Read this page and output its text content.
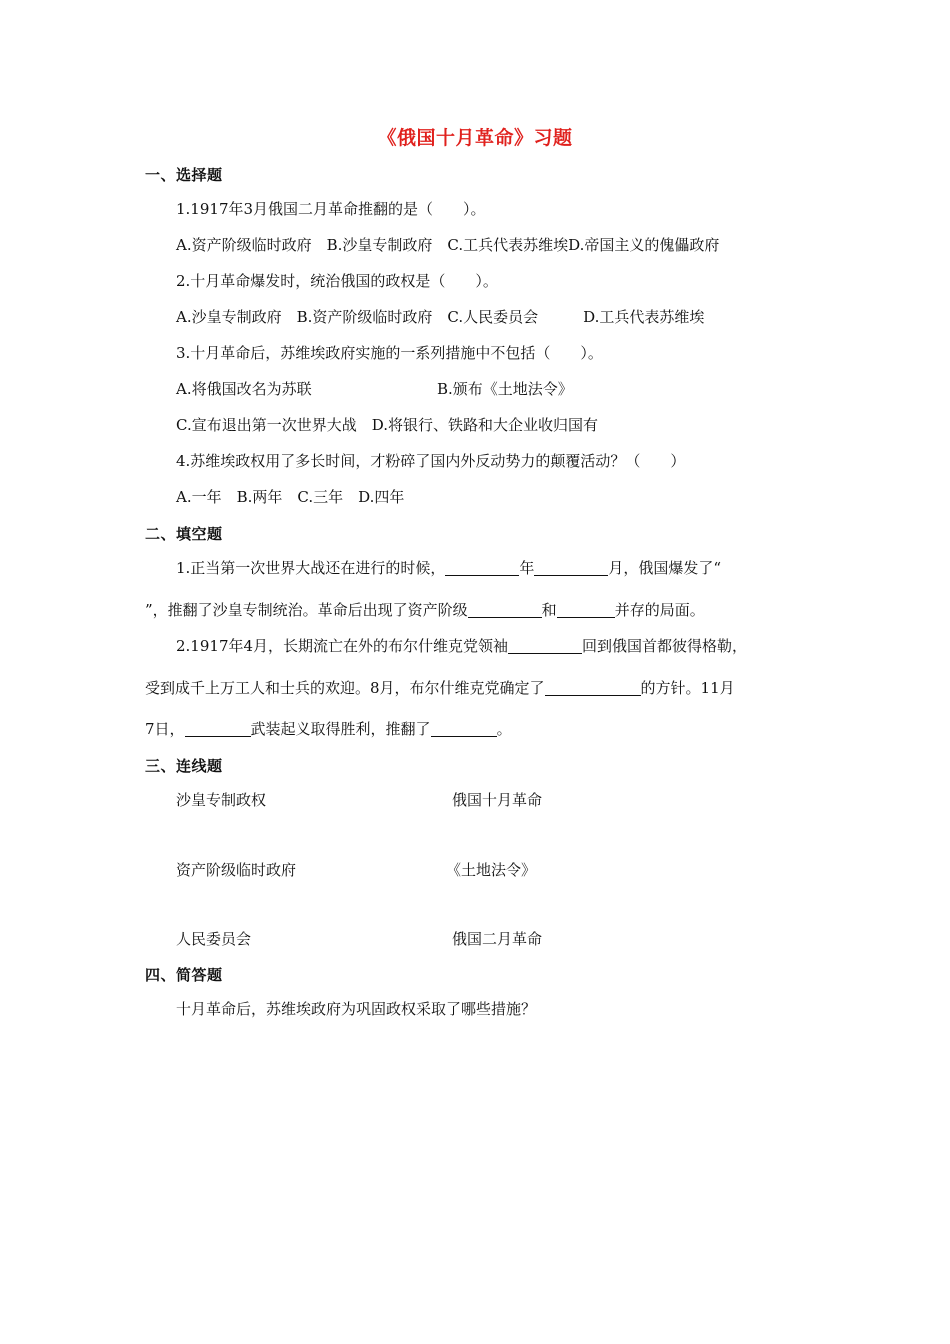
《俄国十月革命》习题
一、选择题
1.1917年3月俄国二月革命推翻的是（　　）。
A.资产阶级临时政府　B.沙皇专制政府　C.工兵代表苏维埃D.帝国主义的傀儡政府
2.十月革命爆发时，统治俄国的政权是（　　）。
A.沙皇专制政府　B.资产阶级临时政府　C.人民委员会　　　D.工兵代表苏维埃
3.十月革命后，苏维埃政府实施的一系列措施中不包括（　　）。
A.将俄国改名为苏联	B.颁布《土地法令》
C.宣布退出第一次世界大战　D.将银行、铁路和大企业收归国有
4.苏维埃政权用了多长时间，才粉碎了国内外反动势力的颠覆活动？（　　）
A.一年　B.两年　C.三年　D.四年
二、填空题
1.正当第一次世界大战还在进行的时候，	年	月，俄国爆发了“
”，推翻了沙皇专制统治。革命后出现了资产阶级	和	并存的局面。
2.1917年4月，长期流亡在外的布尔什维克党领袖	回到俄国首都彼得格勒，
受到成千上万工人和士兵的欢迎。8月，布尔什维克党确定了	的方针。11月
7日，	武装起义取得胜利，推翻了	。
三、连线题
沙皇专制政权	俄国十月革命
资产阶级临时政府	《土地法令》
人民委员会	俄国二月革命
四、简答题
十月革命后，苏维埃政府为巩固政权采取了哪些措施？
